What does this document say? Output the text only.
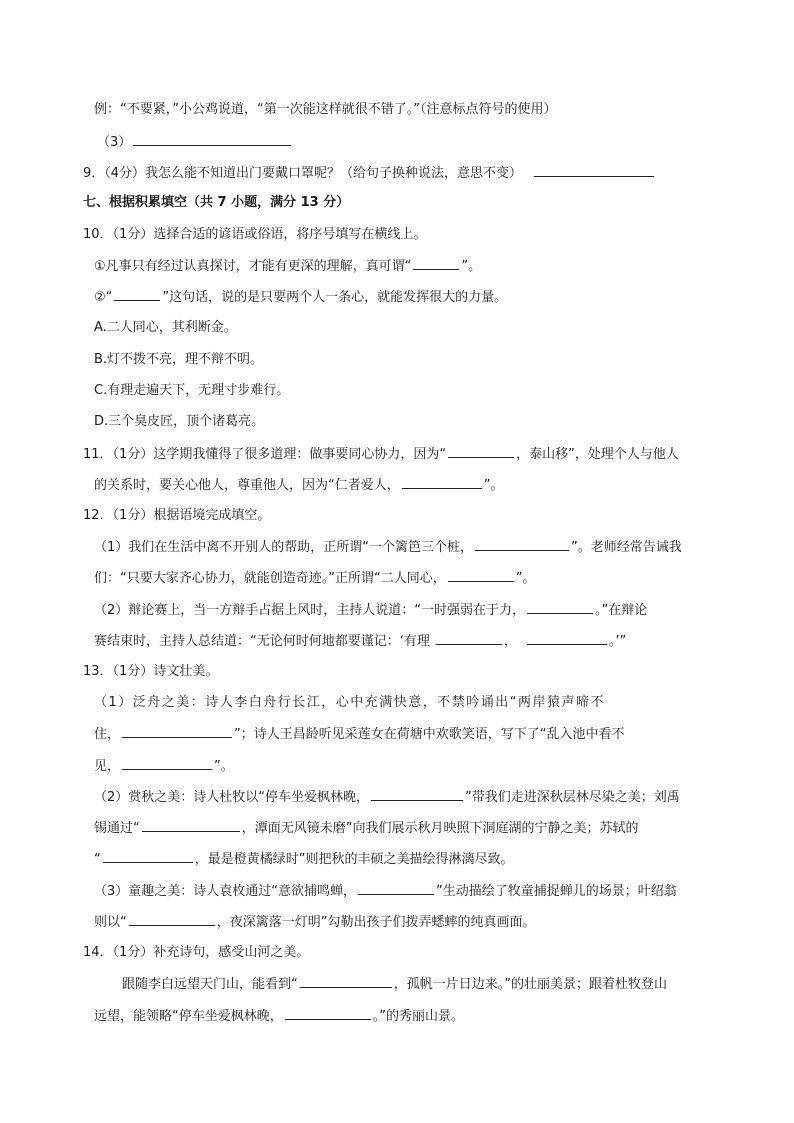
例：“不要紧，”小公鸡说道，“第一次能这样就很不错了。”（注意标点符号的使用）
（3）
9．（4分）我怎么能不知道出门要戴口罩呢？（给句子换种说法，意思不变）
七、根据积累填空（共 7 小题，满分 13 分）
10．（1分）选择合适的谚语或俗语，将序号填写在横线上。
①凡事只有经过认真探讨，才能有更深的理解，真可谓“	”。
②“	”这句话，说的是只要两个人一条心，就能发挥很大的力量。
A.二人同心，其利断金。
B.灯不拨不亮，理不辩不明。
C.有理走遍天下，无理寸步难行。
D.三个臭皮匠，顶个诸葛亮。
11．（1分）这学期我懂得了很多道理：做事要同心协力，因为“	，泰山移”，处理个人与他人
的关系时，要关心他人，尊重他人，因为“仁者爱人，	”。
12．（1分）根据语境完成填空。
（1）我们在生活中离不开别人的帮助，正所谓“一个篱笆三个桩，	”。老师经常告诫我
们：“只要大家齐心协力，就能创造奇迹。”正所谓“二人同心，	”。
（2）辩论赛上，当一方辩手占据上风时，主持人说道：“一时强弱在于力，	。”在辩论
赛结束时，主持人总结道：“无论何时何地都要谨记：‘有理	，	。’”
13．（1分）诗文壮美。
（1）泛舟之美：诗人李白舟行长江，心中充满快意，不禁吟诵出“两岸猿声啼不
住，	”；诗人王昌龄听见采莲女在荷塘中欢歌笑语，写下了“乱入池中看不
见，	”。
（2）赏秋之美：诗人杜牧以“停车坐爱枫林晚，	”带我们走进深秋层林尽染之美；刘禹
锡通过“	，潭面无风镜未磨”向我们展示秋月映照下洞庭湖的宁静之美；苏轼的
“	，最是橙黄橘绿时”则把秋的丰硕之美描绘得淋漓尽致。
（3）童趣之美：诗人袁枚通过“意欲捕鸣蝉，	”生动描绘了牧童捕捉蝉儿的场景；叶绍翁
则以“	，夜深篱落一灯明”勾勒出孩子们拨弄蟋蟀的纯真画面。
14．（1分）补充诗句，感受山河之美。
跟随李白远望天门山，能看到“	，孤帆一片日边来。”的壮丽美景；跟着杜牧登山
远望，能领略“停车坐爱枫林晚，	。”的秀丽山景。
